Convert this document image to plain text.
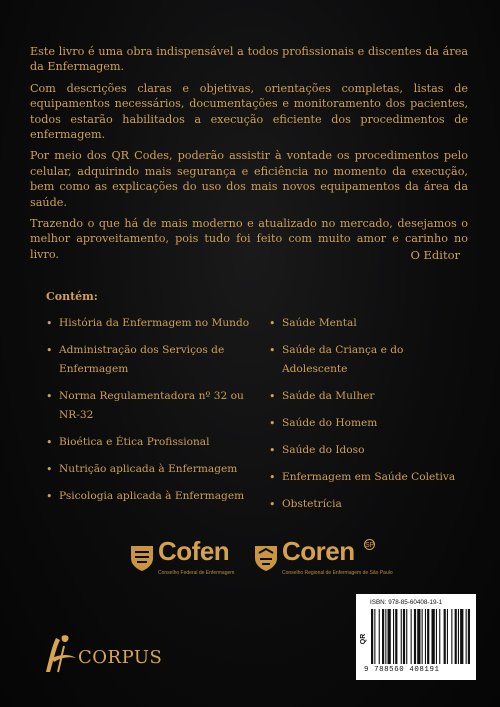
Este livro é uma obra indispensável a todos profissionais e discentes da área da Enfermagem.

Com descrições claras e objetivas, orientações completas, listas de equipamentos necessários, documentações e monitoramento dos pacientes, todos estarão habilitados a execução eficiente dos procedimentos de enfermagem.

Por meio dos QR Codes, poderão assistir à vontade os procedimentos pelo celular, adquirindo mais segurança e eficiência no momento da execução, bem como as explicações do uso dos mais novos equipamentos da área da saúde.

Trazendo o que há de mais moderno e atualizado no mercado, desejamos o melhor aproveitamento, pois tudo foi feito com muito amor e carinho no livro.	O Editor
Contém:
• História da Enfermagem no Mundo
• Administração dos Serviços de Enfermagem
• Norma Regulamentadora nº 32 ou NR-32
• Bioética e Ética Profissional
• Nutrição aplicada à Enfermagem
• Psicologia aplicada à Enfermagem
• Saúde Mental
• Saúde da Criança e do Adolescente
• Saúde da Mulher
• Saúde do Homem
• Saúde do Idoso
• Enfermagem em Saúde Coletiva
• Obstetrícia
Cofen
Conselho Federal de Enfermagem
Coren SP
Conselho Regional de Enfermagem de São Paulo
CORPUS
ISBN: 978-85-60408-19-1
QR
9 788560 408191
